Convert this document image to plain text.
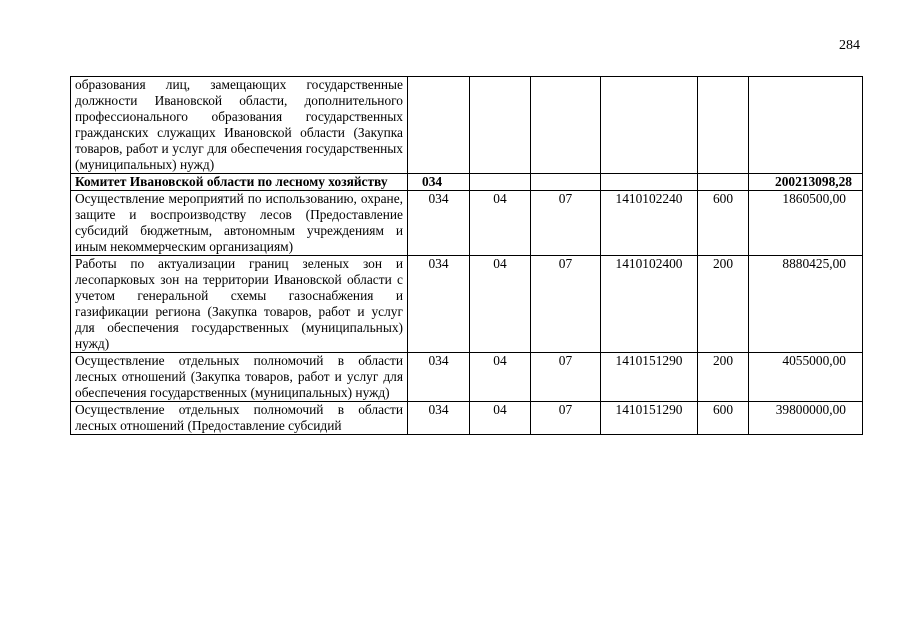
284
образования лиц, замещающих государственные должности Ивановской области, дополнительного профессионального образования государственных гражданских служащих Ивановской области (Закупка товаров, работ и услуг для обеспечения государственных (муниципальных) нужд)						
Комитет Ивановской области по лесному хозяйству	034					200213098,28
Осуществление мероприятий по использованию, охране, защите и воспроизводству лесов (Предоставление субсидий бюджетным, автономным учреждениям и иным некоммерческим организациям)	034	04	07	1410102240	600	1860500,00
Работы по актуализации границ зеленых зон и лесопарковых зон на территории Ивановской области с учетом генеральной схемы газоснабжения и газификации региона (Закупка товаров, работ и услуг для обеспечения государственных (муниципальных) нужд)	034	04	07	1410102400	200	8880425,00
Осуществление отдельных полномочий в области лесных отношений (Закупка товаров, работ и услуг для обеспечения государственных (муниципальных) нужд)	034	04	07	1410151290	200	4055000,00
Осуществление отдельных полномочий в области лесных отношений (Предоставление субсидий	034	04	07	1410151290	600	39800000,00
